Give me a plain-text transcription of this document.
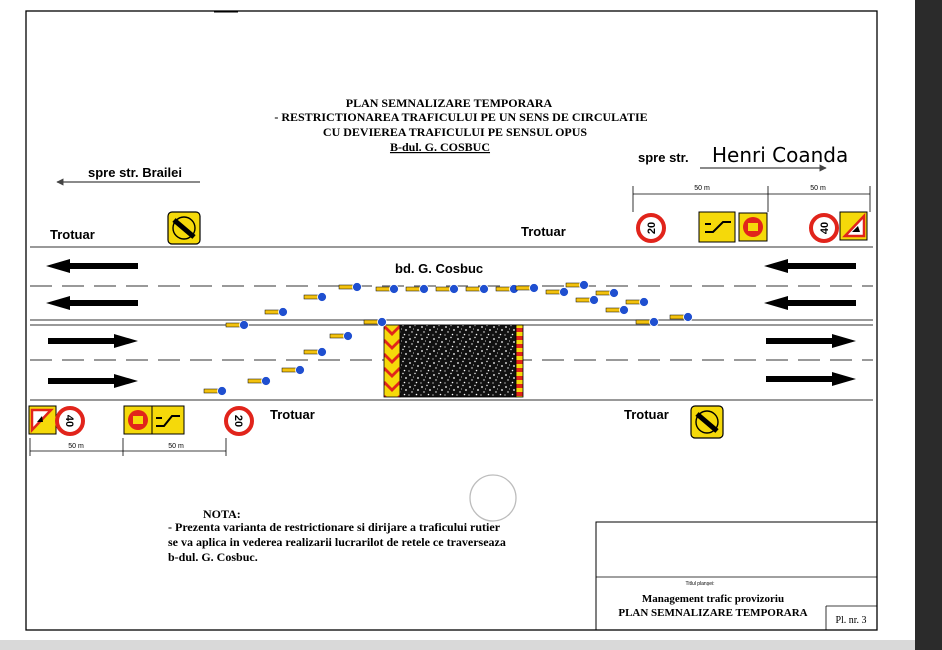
PLAN SEMNALIZARE TEMPORARA
- RESTRICTIONAREA TRAFICULUI PE UN SENS DE CIRCULATIE
CU DEVIEREA TRAFICULUI PE SENSUL OPUS
B-dul. G. COSBUC
spre str. Brailei
spre str. Henri Coanda
50 m	50 m
Trotuar	Trotuar
bd. G. Cosbuc
Trotuar	Trotuar
20	40
40	20
50 m	50 m
NOTA:
- Prezenta varianta de restrictionare si dirijare a traficului rutier
se va aplica in vederea realizarii lucrarilot de retele ce traverseaza
b-dul. G. Cosbuc.
Titlul planșei:
Management trafic provizoriu
PLAN SEMNALIZARE TEMPORARA
Pl. nr. 3
